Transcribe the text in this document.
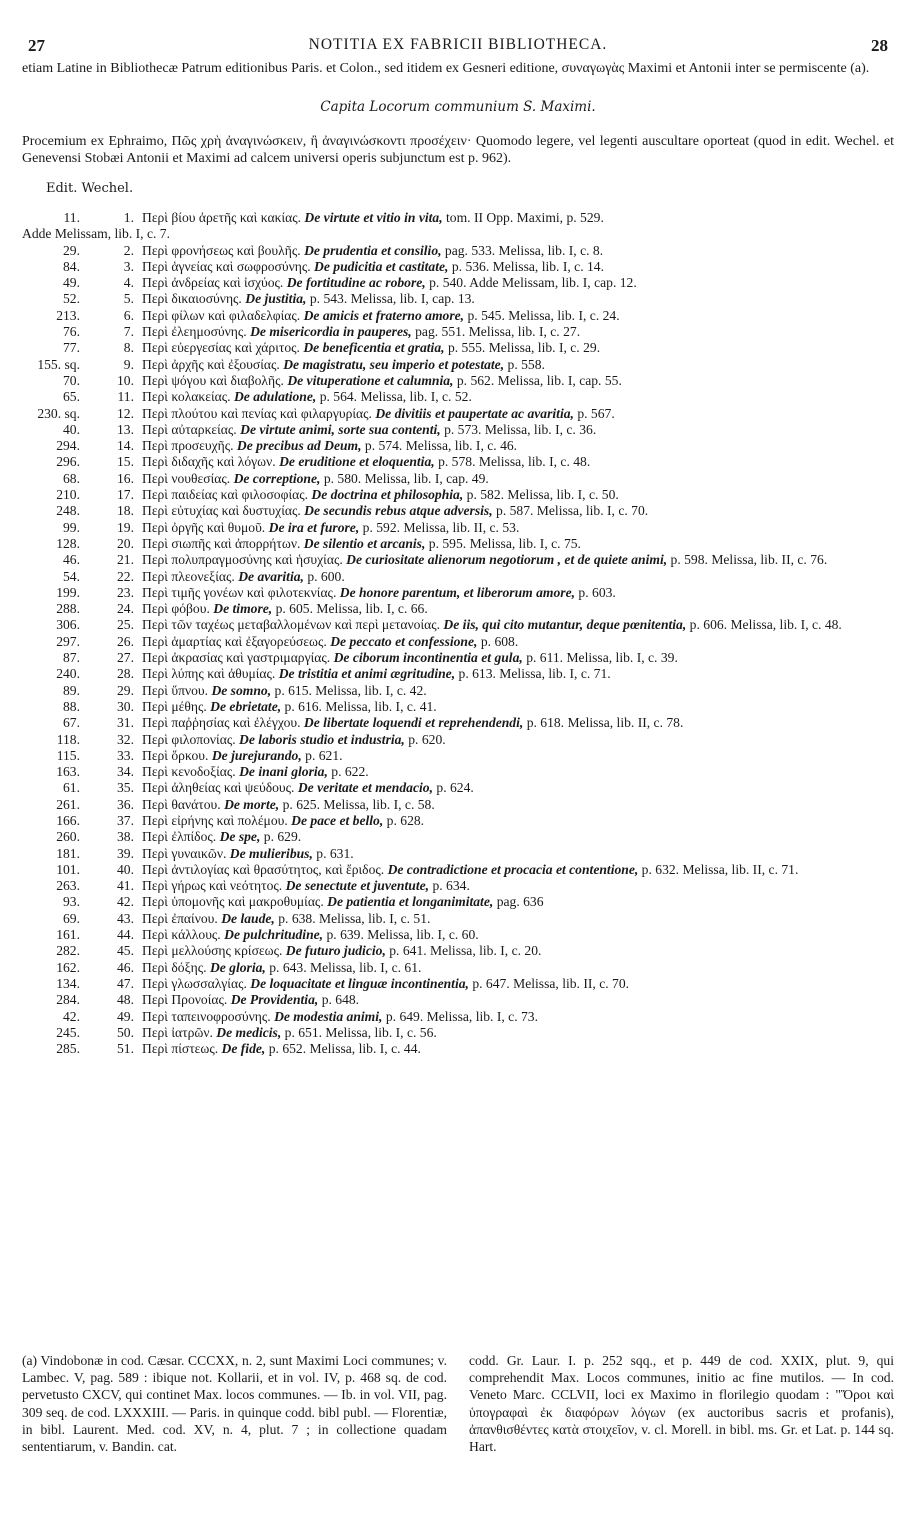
27	NOTITIA EX FABRICII BIBLIOTHECA.	28

etiam Latine in Bibliothecæ Patrum editionibus Paris. et Colon., sed itidem ex Gesneri editione, συναγωγὰς Maximi et Antonii inter se permiscente (a).

Capita Locorum communium S. Maximi.

Procemium ex Ephraimo, Πῶς χρὴ ἀναγινώσκειν, ἢ ἀναγινώσκοντι προσέχειν· Quomodo legere, vel legenti auscultare oporteat (quod in edit. Wechel. et Genevensi Stobæi Antonii et Maximi ad calcem universi operis subjunctum est p. 962).

Edit. Wechel.
11.	1. Περὶ βίου ἀρετῆς καὶ κακίας. De virtute et vitio in vita, tom. II Opp. Maximi, p. 529.
Adde Melissam, lib. I, c. 7.
29.	2. Περὶ φρονήσεως καὶ βουλῆς. De prudentia et consilio, pag. 533. Melissa, lib. I, c. 8.
84.	3. Περὶ ἁγνείας καὶ σωφροσύνης. De pudicitia et castitate, p. 536. Melissa, lib. I, c. 14.
49.	4. Περὶ ἀνδρείας καὶ ἰσχύος. De fortitudine ac robore, p. 540. Adde Melissam, lib. I, cap. 12.
52.	5. Περὶ δικαιοσύνης. De justitia, p. 543. Melissa, lib. I, cap. 13.
213.	6. Περὶ φίλων καὶ φιλαδελφίας. De amicis et fraterno amore, p. 545. Melissa, lib. I, c. 24.
76.	7. Περὶ ἐλεημοσύνης. De misericordia in pauperes, pag. 551. Melissa, lib. I, c. 27.
77.	8. Περὶ εὐεργεσίας καὶ χάριτος. De beneficentia et gratia, p. 555. Melissa, lib. I, c. 29.
155. sq.	9. Περὶ ἀρχῆς καὶ ἐξουσίας. De magistratu, seu imperio et potestate, p. 558.
70.	10. Περὶ ψόγου καὶ διαβολῆς. De vituperatione et calumnia, p. 562. Melissa, lib. I, cap. 55.
65.	11. Περὶ κολακείας. De adulatione, p. 564. Melissa, lib. I, c. 52.
230. sq.	12. Περὶ πλούτου καὶ πενίας καὶ φιλαργυρίας. De divitiis et paupertate ac avaritia, p. 567.
40.	13. Περὶ αὐταρκείας. De virtute animi, sorte sua contenti, p. 573. Melissa, lib. I, c. 36.
294.	14. Περὶ προσευχῆς. De precibus ad Deum, p. 574. Melissa, lib. I, c. 46.
296.	15. Περὶ διδαχῆς καὶ λόγων. De eruditione et eloquentia, p. 578. Melissa, lib. I, c. 48.
68.	16. Περὶ νουθεσίας. De correptione, p. 580. Melissa, lib. I, cap. 49.
210.	17. Περὶ παιδείας καὶ φιλοσοφίας. De doctrina et philosophia, p. 582. Melissa, lib. I, c. 50.
248.	18. Περὶ εὐτυχίας καὶ δυστυχίας. De secundis rebus atque adversis, p. 587. Melissa, lib. I, c. 70.
99.	19. Περὶ ὀργῆς καὶ θυμοῦ. De ira et furore, p. 592. Melissa, lib. II, c. 53.
128.	20. Περὶ σιωπῆς καὶ ἀπορρήτων. De silentio et arcanis, p. 595. Melissa, lib. I, c. 75.
46.	21. Περὶ πολυπραγμοσύνης καὶ ἡσυχίας. De curiositate alienorum negotiorum , et de quiete animi, p. 598. Melissa, lib. II, c. 76.
54.	22. Περὶ πλεονεξίας. De avaritia, p. 600.
199.	23. Περὶ τιμῆς γονέων καὶ φιλοτεκνίας. De honore parentum, et liberorum amore, p. 603.
288.	24. Περὶ φόβου. De timore, p. 605. Melissa, lib. I, c. 66.
306.	25. Περὶ τῶν ταχέως μεταβαλλομένων καὶ περὶ μετανοίας. De iis, qui cito mutantur, deque pœnitentia, p. 606. Melissa, lib. I, c. 48.
297.	26. Περὶ ἁμαρτίας καὶ ἐξαγορεύσεως. De peccato et confessione, p. 608.
87.	27. Περὶ ἀκρασίας καὶ γαστριμαργίας. De ciborum incontinentia et gula, p. 611. Melissa, lib. I, c. 39.
240.	28. Περὶ λύπης καὶ ἀθυμίας. De tristitia et animi ægritudine, p. 613. Melissa, lib. I, c. 71.
89.	29. Περὶ ὕπνου. De somno, p. 615. Melissa, lib. I, c. 42.
88.	30. Περὶ μέθης. De ebrietate, p. 616. Melissa, lib. I, c. 41.
67.	31. Περὶ παῤῥησίας καὶ ἐλέγχου. De libertate loquendi et reprehendendi, p. 618. Melissa, lib. II, c. 78.
118.	32. Περὶ φιλοπονίας. De laboris studio et industria, p. 620.
115.	33. Περὶ ὅρκου. De jurejurando, p. 621.
163.	34. Περὶ κενοδοξίας. De inani gloria, p. 622.
61.	35. Περὶ ἀληθείας καὶ ψεύδους. De veritate et mendacio, p. 624.
261.	36. Περὶ θανάτου. De morte, p. 625. Melissa, lib. I, c. 58.
166.	37. Περὶ εἰρήνης καὶ πολέμου. De pace et bello, p. 628.
260.	38. Περὶ ἐλπίδος. De spe, p. 629.
181.	39. Περὶ γυναικῶν. De mulieribus, p. 631.
101.	40. Περὶ ἀντιλογίας καὶ θρασύτητος, καὶ ἔριδος. De contradictione et procacia et contentione, p. 632. Melissa, lib. II, c. 71.
263.	41. Περὶ γήρως καὶ νεότητος. De senectute et juventute, p. 634.
93.	42. Περὶ ὑπομονῆς καὶ μακροθυμίας. De patientia et longanimitate, pag. 636
69.	43. Περὶ ἐπαίνου. De laude, p. 638. Melissa, lib. I, c. 51.
161.	44. Περὶ κάλλους. De pulchritudine, p. 639. Melissa, lib. I, c. 60.
282.	45. Περὶ μελλούσης κρίσεως. De futuro judicio, p. 641. Melissa, lib. I, c. 20.
162.	46. Περὶ δόξης. De gloria, p. 643. Melissa, lib. I, c. 61.
134.	47. Περὶ γλωσσαλγίας. De loquacitate et linguæ incontinentia, p. 647. Melissa, lib. II, c. 70.
284.	48. Περὶ Προνοίας. De Providentia, p. 648.
42.	49. Περὶ ταπεινοφροσύνης. De modestia animi, p. 649. Melissa, lib. I, c. 73.
245.	50. Περὶ ἰατρῶν. De medicis, p. 651. Melissa, lib. I, c. 56.
285.	51. Περὶ πίστεως. De fide, p. 652. Melissa, lib. I, c. 44.
(a) Vindobonæ in cod. Cæsar. CCCXX, n. 2, sunt Maximi Loci communes; v. Lambec. V, pag. 589 : ibique not. Kollarii, et in vol. IV, p. 468 sq. de cod. pervetusto CXCV, qui continet Max. locos communes. — Ib. in vol. VII, pag. 309 seq. de cod. LXXXIII. — Paris. in quinque codd. bibl publ. — Florentiæ, in bibl. Laurent. Med. cod. XV, n. 4, plut. 7 ; in collectione quadam sententiarum, v. Bandin. cat.
codd. Gr. Laur. I. p. 252 sqq., et p. 449 de cod. XXIX, plut. 9, qui comprehendit Max. Locos communes, initio ac fine mutilos. — In cod. Veneto Marc. CCLVII, loci ex Maximo in florilegio quodam : "Ὅροι καὶ ὑπογραφαὶ ἐκ διαφόρων λόγων (ex auctoribus sacris et profanis), ἀπανθισθέντες κατὰ στοιχεῖον, v. cl. Morell. in bibl. ms. Gr. et Lat. p. 144 sq. Hart.
